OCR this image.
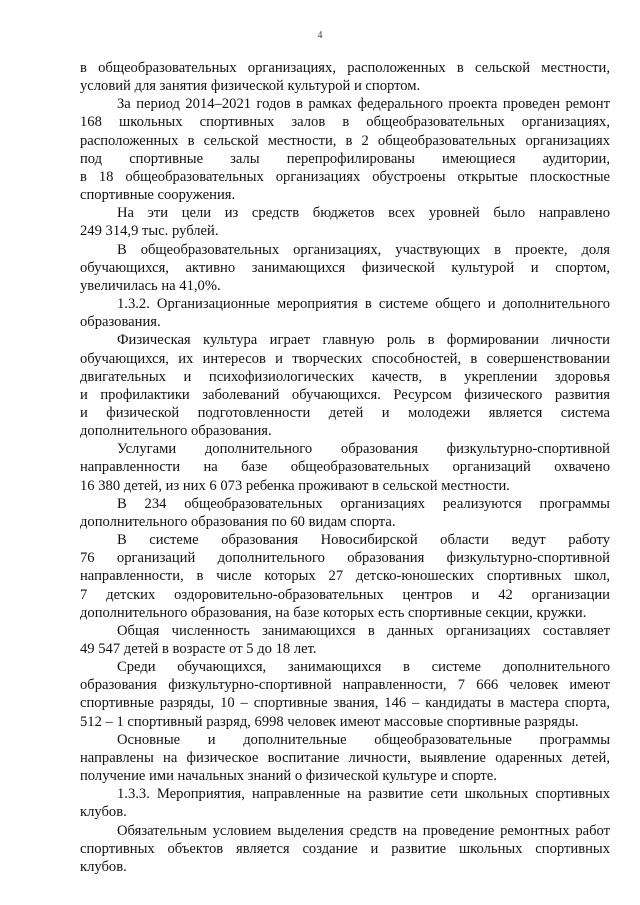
4

в общеобразовательных организациях, расположенных в сельской местности,
условий для занятия физической культурой и спортом.

За период 2014–2021 годов в рамках федерального проекта проведен ремонт
168 школьных спортивных залов в общеобразовательных организациях,
расположенных в сельской местности, в 2 общеобразовательных организациях
под спортивные залы перепрофилированы имеющиеся аудитории,
в 18 общеобразовательных организациях обустроены открытые плоскостные
спортивные сооружения.

На эти цели из средств бюджетов всех уровней было направлено
249 314,9 тыс. рублей.

В общеобразовательных организациях, участвующих в проекте, доля
обучающихся, активно занимающихся физической культурой и спортом,
увеличилась на 41,0%.

1.3.2. Организационные мероприятия в системе общего и дополнительного
образования.

Физическая культура играет главную роль в формировании личности
обучающихся, их интересов и творческих способностей, в совершенствовании
двигательных и психофизиологических качеств, в укреплении здоровья
и профилактики заболеваний обучающихся. Ресурсом физического развития
и физической подготовленности детей и молодежи является система
дополнительного образования.

Услугами дополнительного образования физкультурно-спортивной
направленности на базе общеобразовательных организаций охвачено
16 380 детей, из них 6 073 ребенка проживают в сельской местности.

В 234 общеобразовательных организациях реализуются программы
дополнительного образования по 60 видам спорта.

В системе образования Новосибирской области ведут работу
76 организаций дополнительного образования физкультурно-спортивной
направленности, в числе которых 27 детско-юношеских спортивных школ,
7 детских оздоровительно-образовательных центров и 42 организации
дополнительного образования, на базе которых есть спортивные секции, кружки.

Общая численность занимающихся в данных организациях составляет
49 547 детей в возрасте от 5 до 18 лет.

Среди обучающихся, занимающихся в системе дополнительного
образования физкультурно-спортивной направленности, 7 666 человек имеют
спортивные разряды, 10 – спортивные звания, 146 – кандидаты в мастера спорта,
512 – 1 спортивный разряд, 6998 человек имеют массовые спортивные разряды.

Основные и дополнительные общеобразовательные программы
направлены на физическое воспитание личности, выявление одаренных детей,
получение ими начальных знаний о физической культуре и спорте.

1.3.3. Мероприятия, направленные на развитие сети школьных спортивных
клубов.

Обязательным условием выделения средств на проведение ремонтных работ
спортивных объектов является создание и развитие школьных спортивных
клубов.
